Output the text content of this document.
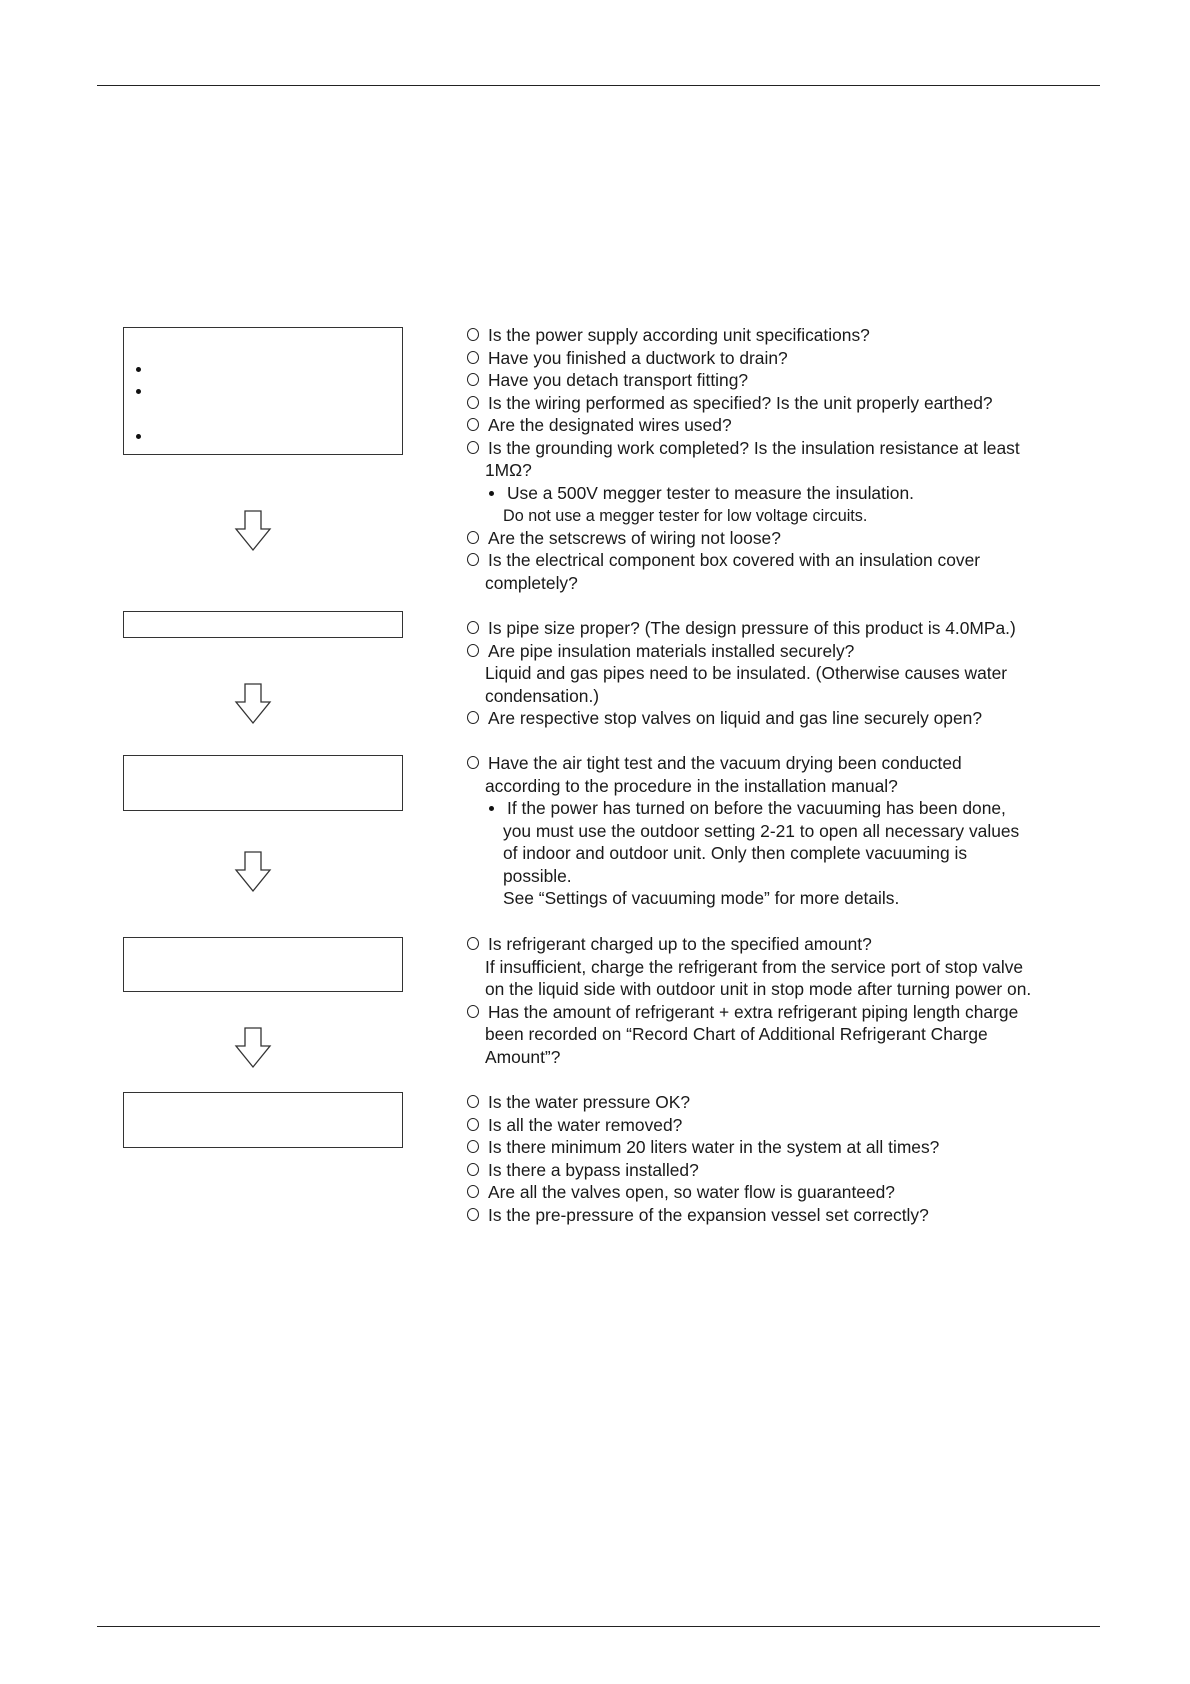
Is the power supply according unit specifications?
Have you finished a ductwork to drain?
Have you detach transport fitting?
Is the wiring performed as specified? Is the unit properly earthed?
Are the designated wires used?
Is the grounding work completed? Is the insulation resistance at least
1MΩ?
Use a 500V megger tester to measure the insulation.
Do not use a megger tester for low voltage circuits.
Are the setscrews of wiring not loose?
Is the electrical component box covered with an insulation cover
completely?
Is pipe size proper? (The design pressure of this product is 4.0MPa.)
Are pipe insulation materials installed securely?
Liquid and gas pipes need to be insulated. (Otherwise causes water
condensation.)
Are respective stop valves on liquid and gas line securely open?
Have the air tight test and the vacuum drying been conducted
according to the procedure in the installation manual?
If the power has turned on before the vacuuming has been done,
you must use the outdoor setting 2-21 to open all necessary values
of indoor and outdoor unit. Only then complete vacuuming is
possible.
See “Settings of vacuuming mode” for more details.
Is refrigerant charged up to the specified amount?
If insufficient, charge the refrigerant from the service port of stop valve
on the liquid side with outdoor unit in stop mode after turning power on.
Has the amount of refrigerant + extra refrigerant piping length charge
been recorded on “Record Chart of Additional Refrigerant Charge
Amount”?
Is the water pressure OK?
Is all the water removed?
Is there minimum 20 liters water in the system at all times?
Is there a bypass installed?
Are all the valves open, so water flow is guaranteed?
Is the pre-pressure of the expansion vessel set correctly?
